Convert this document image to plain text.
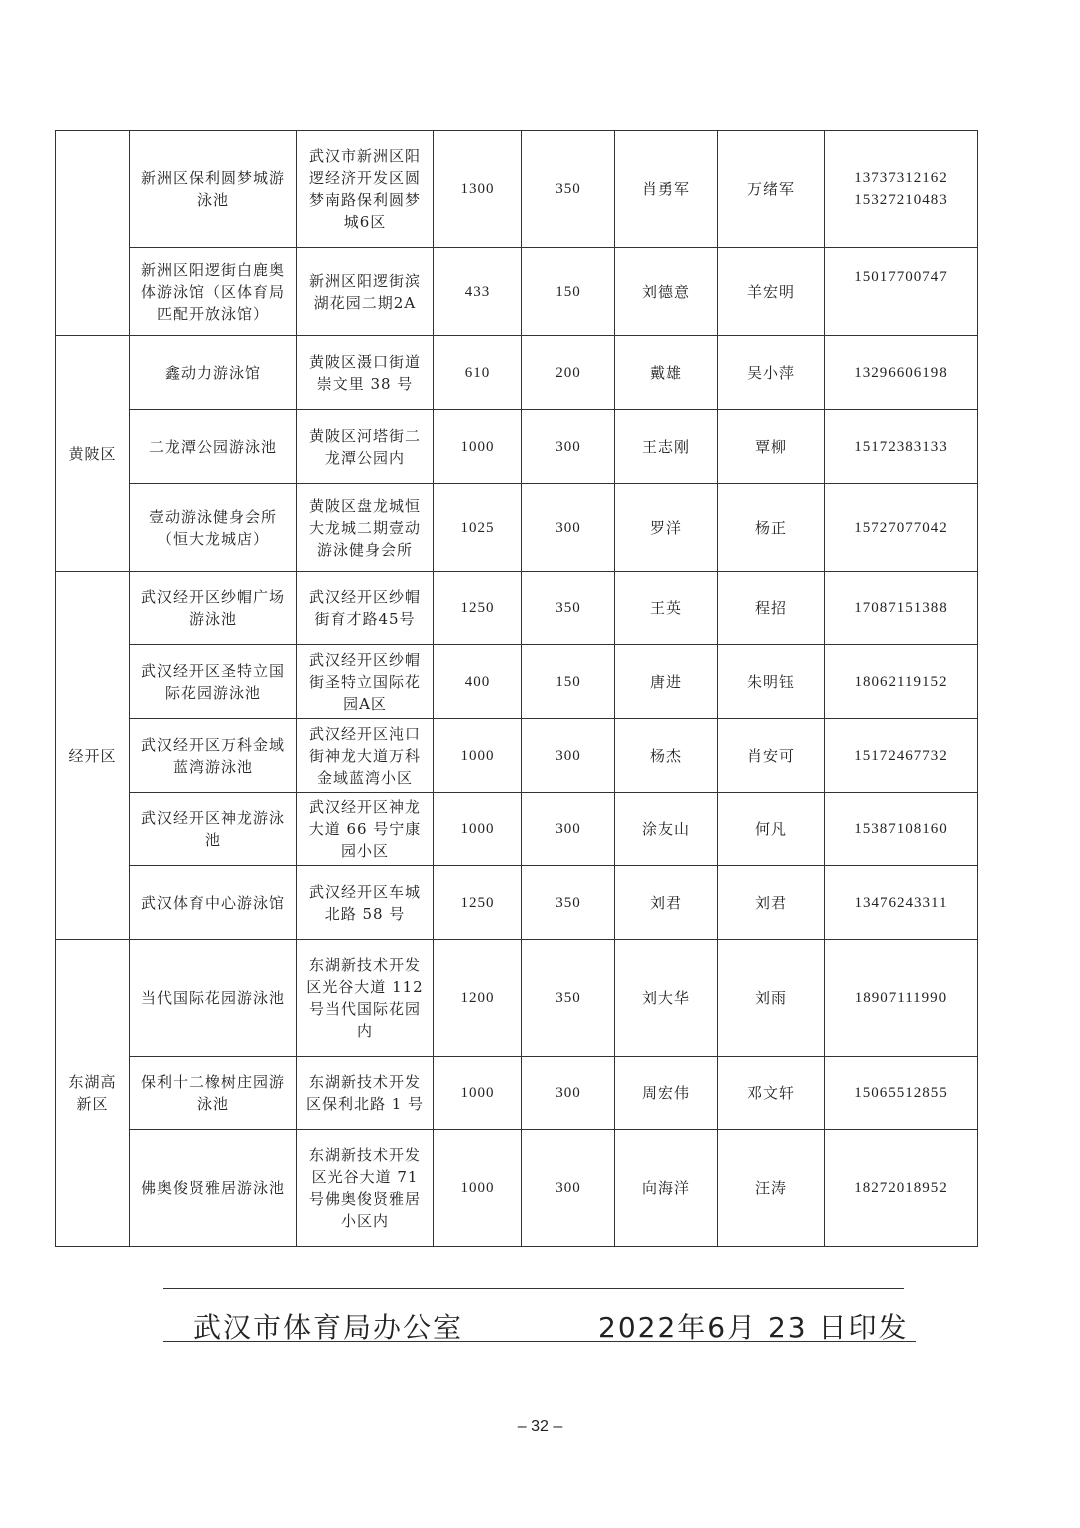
	新洲区保利圆梦城游泳池	武汉市新洲区阳逻经济开发区圆梦南路保利圆梦城6区	1300	350	肖勇军	万绪军	13737312162
15327210483

	新洲区阳逻街白鹿奥体游泳馆（区体育局匹配开放泳馆）	新洲区阳逻街滨湖花园二期2A	433	150	刘德意	羊宏明	15017700747
黄陂区	鑫动力游泳馆	黄陂区滠口街道崇文里 38 号	610	200	戴雄	吴小萍	13296606198
	二龙潭公园游泳池	黄陂区河塔街二龙潭公园内	1000	300	王志刚	覃柳	15172383133
	壹动游泳健身会所（恒大龙城店）	黄陂区盘龙城恒大龙城二期壹动游泳健身会所	1025	300	罗洋	杨正	15727077042
经开区	武汉经开区纱帽广场游泳池	武汉经开区纱帽街育才路45号	1250	350	王英	程招	17087151388
	武汉经开区圣特立国际花园游泳池	武汉经开区纱帽街圣特立国际花园A区	400	150	唐进	朱明钰	18062119152
	武汉经开区万科金域蓝湾游泳池	武汉经开区沌口街神龙大道万科金域蓝湾小区	1000	300	杨杰	肖安可	15172467732
	武汉经开区神龙游泳池	武汉经开区神龙大道 66 号宁康园小区	1000	300	涂友山	何凡	15387108160
	武汉体育中心游泳馆	武汉经开区车城北路 58 号	1250	350	刘君	刘君	13476243311
东湖高新区	当代国际花园游泳池	东湖新技术开发区光谷大道 112 号当代国际花园内	1200	350	刘大华	刘雨	18907111990
	保利十二橡树庄园游泳池	东湖新技术开发区保利北路 1 号	1000	300	周宏伟	邓文轩	15065512855
	佛奥俊贤雅居游泳池	东湖新技术开发区光谷大道 71 号佛奥俊贤雅居小区内	1000	300	向海洋	汪涛	18272018952
武汉市体育局办公室	2022年6月 23 日印发
– 32 –
